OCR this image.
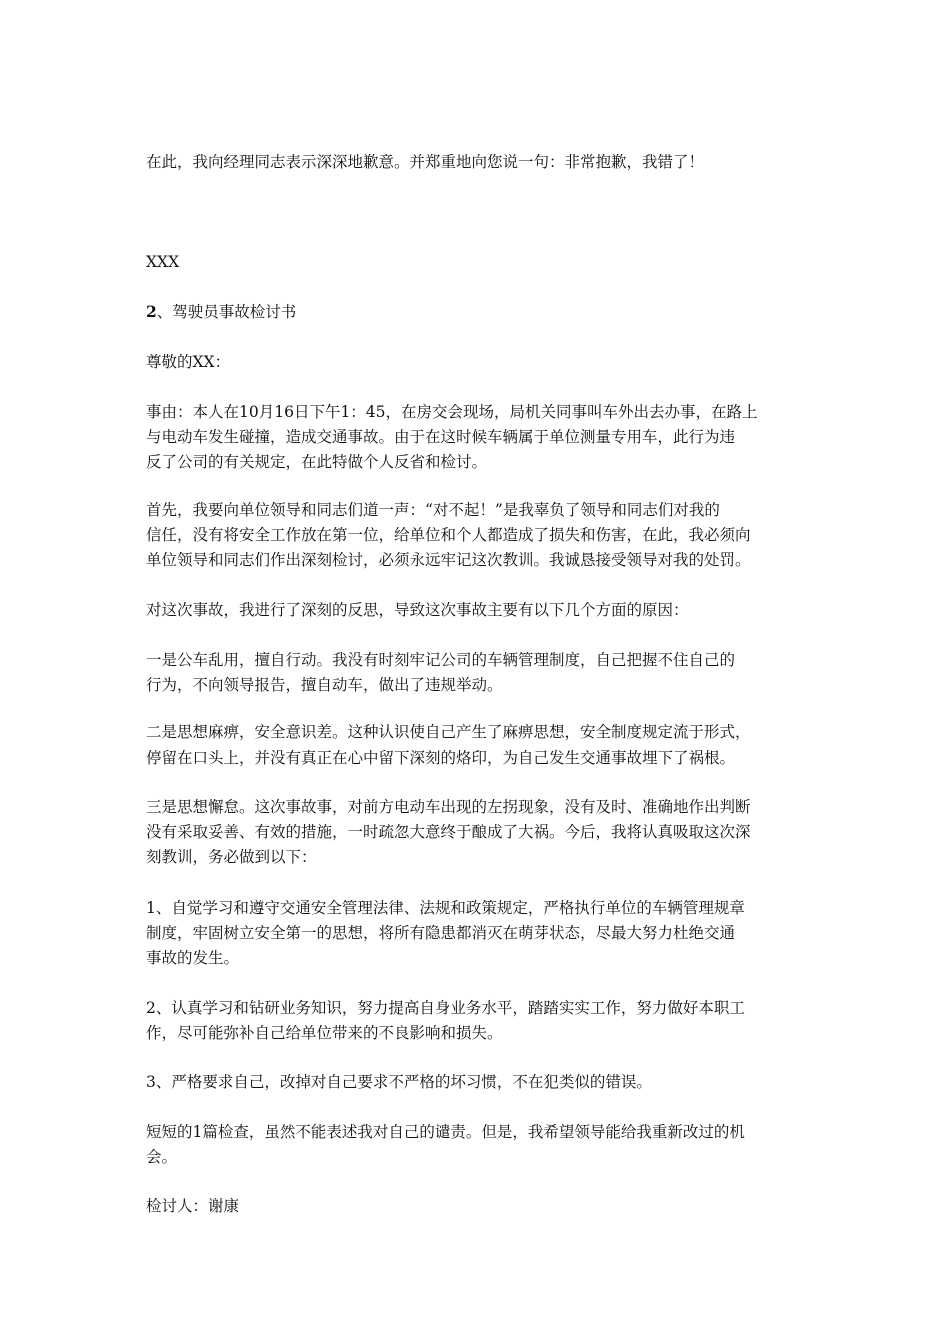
在此，我向经理同志表示深深地歉意。并郑重地向您说一句：非常抱歉，我错了！

XXX

2、驾驶员事故检讨书

尊敬的XX：

事由：本人在10月16日下午1：45，在房交会现场，局机关同事叫车外出去办事，在路上

与电动车发生碰撞，造成交通事故。由于在这时候车辆属于单位测量专用车，此行为违

反了公司的有关规定，在此特做个人反省和检讨。

首先，我要向单位领导和同志们道一声：“对不起！”是我辜负了领导和同志们对我的

信任，没有将安全工作放在第一位，给单位和个人都造成了损失和伤害，在此，我必须向

单位领导和同志们作出深刻检讨，必须永远牢记这次教训。我诚恳接受领导对我的处罚。

对这次事故，我进行了深刻的反思，导致这次事故主要有以下几个方面的原因：

一是公车乱用，擅自行动。我没有时刻牢记公司的车辆管理制度，自己把握不住自己的

行为，不向领导报告，擅自动车，做出了违规举动。

二是思想麻痹，安全意识差。这种认识使自己产生了麻痹思想，安全制度规定流于形式，

停留在口头上，并没有真正在心中留下深刻的烙印，为自己发生交通事故埋下了祸根。

三是思想懈怠。这次事故事，对前方电动车出现的左拐现象，没有及时、准确地作出判断

没有采取妥善、有效的措施，一时疏忽大意终于酿成了大祸。今后，我将认真吸取这次深

刻教训，务必做到以下：

1、自觉学习和遵守交通安全管理法律、法规和政策规定，严格执行单位的车辆管理规章

制度，牢固树立安全第一的思想，将所有隐患都消灭在萌芽状态，尽最大努力杜绝交通

事故的发生。

2、认真学习和钻研业务知识，努力提高自身业务水平，踏踏实实工作，努力做好本职工

作，尽可能弥补自己给单位带来的不良影响和损失。

3、严格要求自己，改掉对自己要求不严格的坏习惯，不在犯类似的错误。

短短的1篇检查，虽然不能表述我对自己的谴责。但是，我希望领导能给我重新改过的机

会。

检讨人：谢康
